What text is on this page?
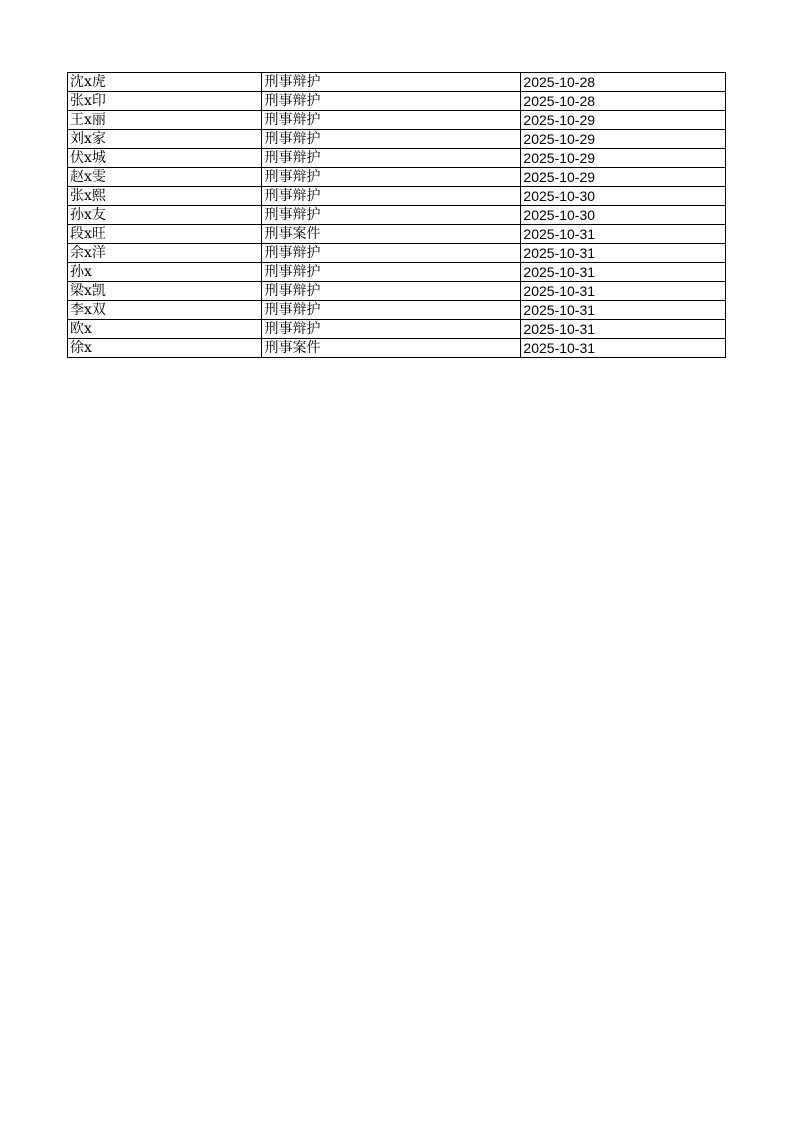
沈x虎	刑事辩护	2025-10-28
张x印	刑事辩护	2025-10-28
王x丽	刑事辩护	2025-10-29
刘x家	刑事辩护	2025-10-29
伏x城	刑事辩护	2025-10-29
赵x雯	刑事辩护	2025-10-29
张x熙	刑事辩护	2025-10-30
孙x友	刑事辩护	2025-10-30
段x旺	刑事案件	2025-10-31
余x洋	刑事辩护	2025-10-31
孙x	刑事辩护	2025-10-31
梁x凯	刑事辩护	2025-10-31
李x双	刑事辩护	2025-10-31
欧x	刑事辩护	2025-10-31
徐x	刑事案件	2025-10-31
